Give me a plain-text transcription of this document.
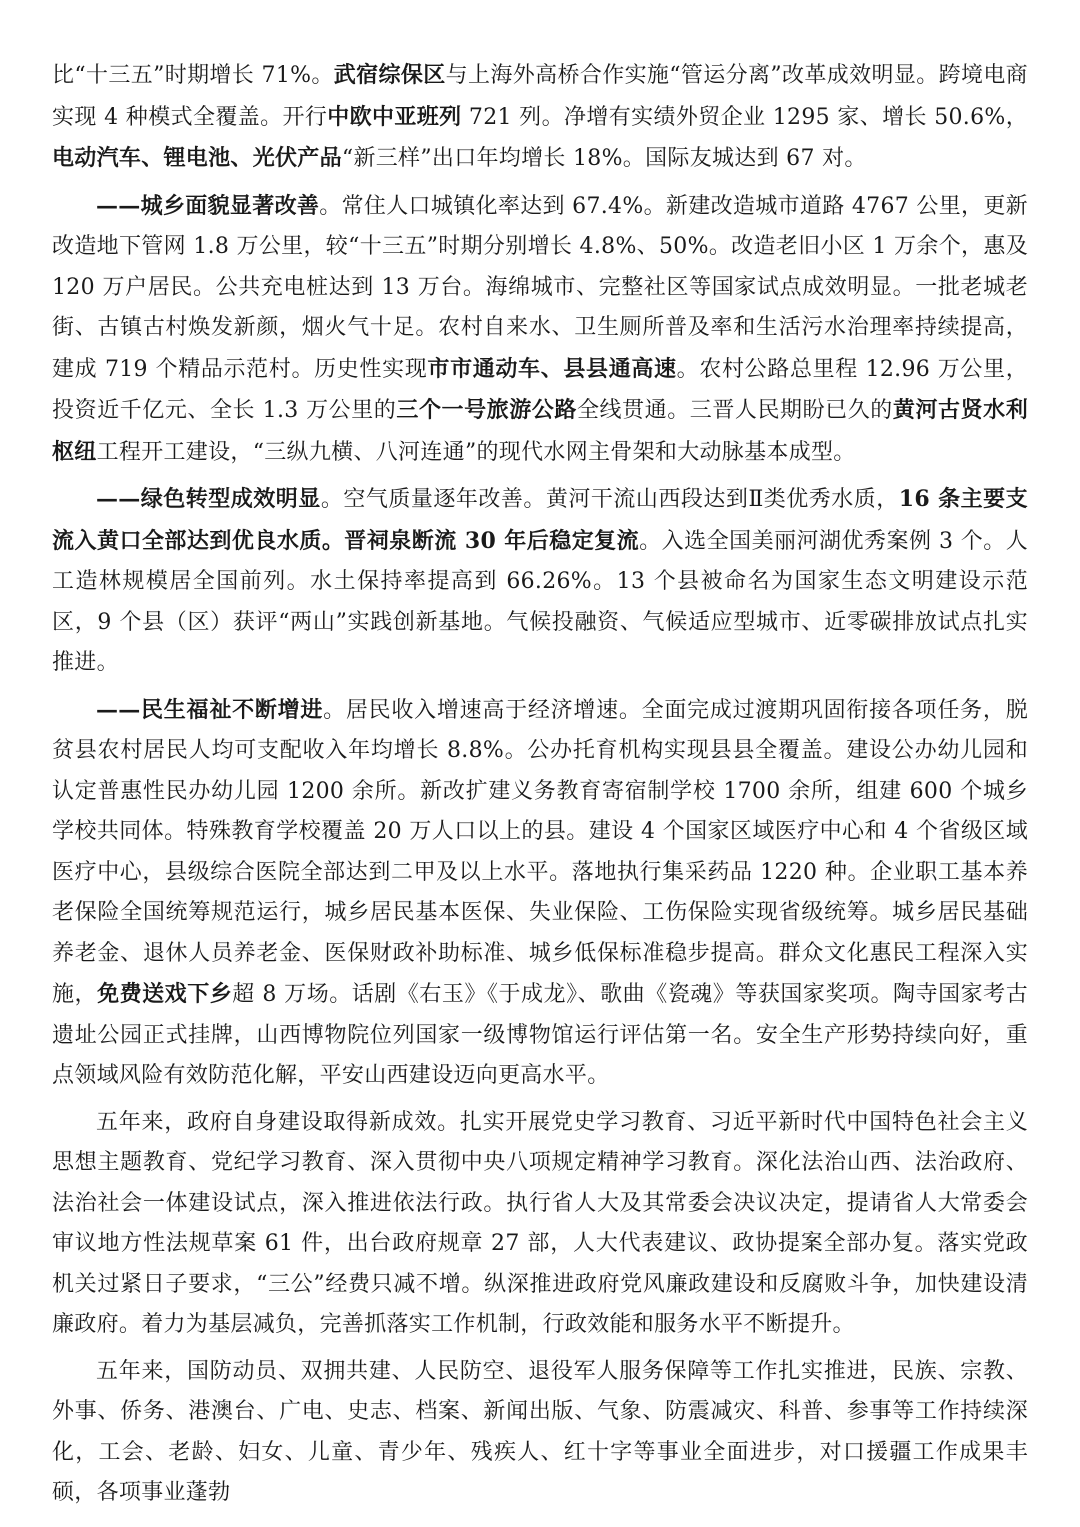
比“十三五”时期增长 71%。武宿综保区与上海外高桥合作实施“管运分离”改革成效明显。跨境电商实现 4 种模式全覆盖。开行中欧中亚班列 721 列。净增有实绩外贸企业 1295 家、增长 50.6%，电动汽车、锂电池、光伏产品“新三样”出口年均增长 18%。国际友城达到 67 对。

——城乡面貌显著改善。常住人口城镇化率达到 67.4%。新建改造城市道路 4767 公里，更新改造地下管网 1.8 万公里，较“十三五”时期分别增长 4.8%、50%。改造老旧小区 1 万余个，惠及 120 万户居民。公共充电桩达到 13 万台。海绵城市、完整社区等国家试点成效明显。一批老城老街、古镇古村焕发新颜，烟火气十足。农村自来水、卫生厕所普及率和生活污水治理率持续提高，建成 719 个精品示范村。历史性实现市市通动车、县县通高速。农村公路总里程 12.96 万公里，投资近千亿元、全长 1.3 万公里的三个一号旅游公路全线贯通。三晋人民期盼已久的黄河古贤水利枢纽工程开工建设，“三纵九横、八河连通”的现代水网主骨架和大动脉基本成型。

——绿色转型成效明显。空气质量逐年改善。黄河干流山西段达到Ⅱ类优秀水质，16 条主要支流入黄口全部达到优良水质。晋祠泉断流 30 年后稳定复流。入选全国美丽河湖优秀案例 3 个。人工造林规模居全国前列。水土保持率提高到 66.26%。13 个县被命名为国家生态文明建设示范区，9 个县（区）获评“两山”实践创新基地。气候投融资、气候适应型城市、近零碳排放试点扎实推进。

——民生福祉不断增进。居民收入增速高于经济增速。全面完成过渡期巩固衔接各项任务，脱贫县农村居民人均可支配收入年均增长 8.8%。公办托育机构实现县县全覆盖。建设公办幼儿园和认定普惠性民办幼儿园 1200 余所。新改扩建义务教育寄宿制学校 1700 余所，组建 600 个城乡学校共同体。特殊教育学校覆盖 20 万人口以上的县。建设 4 个国家区域医疗中心和 4 个省级区域医疗中心，县级综合医院全部达到二甲及以上水平。落地执行集采药品 1220 种。企业职工基本养老保险全国统筹规范运行，城乡居民基本医保、失业保险、工伤保险实现省级统筹。城乡居民基础养老金、退休人员养老金、医保财政补助标准、城乡低保标准稳步提高。群众文化惠民工程深入实施，免费送戏下乡超 8 万场。话剧《右玉》《于成龙》、歌曲《瓷魂》等获国家奖项。陶寺国家考古遗址公园正式挂牌，山西博物院位列国家一级博物馆运行评估第一名。安全生产形势持续向好，重点领域风险有效防范化解，平安山西建设迈向更高水平。

五年来，政府自身建设取得新成效。扎实开展党史学习教育、习近平新时代中国特色社会主义思想主题教育、党纪学习教育、深入贯彻中央八项规定精神学习教育。深化法治山西、法治政府、法治社会一体建设试点，深入推进依法行政。执行省人大及其常委会决议决定，提请省人大常委会审议地方性法规草案 61 件，出台政府规章 27 部，人大代表建议、政协提案全部办复。落实党政机关过紧日子要求，“三公”经费只减不增。纵深推进政府党风廉政建设和反腐败斗争，加快建设清廉政府。着力为基层减负，完善抓落实工作机制，行政效能和服务水平不断提升。

五年来，国防动员、双拥共建、人民防空、退役军人服务保障等工作扎实推进，民族、宗教、外事、侨务、港澳台、广电、史志、档案、新闻出版、气象、防震减灾、科普、参事等工作持续深化，工会、老龄、妇女、儿童、青少年、残疾人、红十字等事业全面进步，对口援疆工作成果丰硕，各项事业蓬勃
